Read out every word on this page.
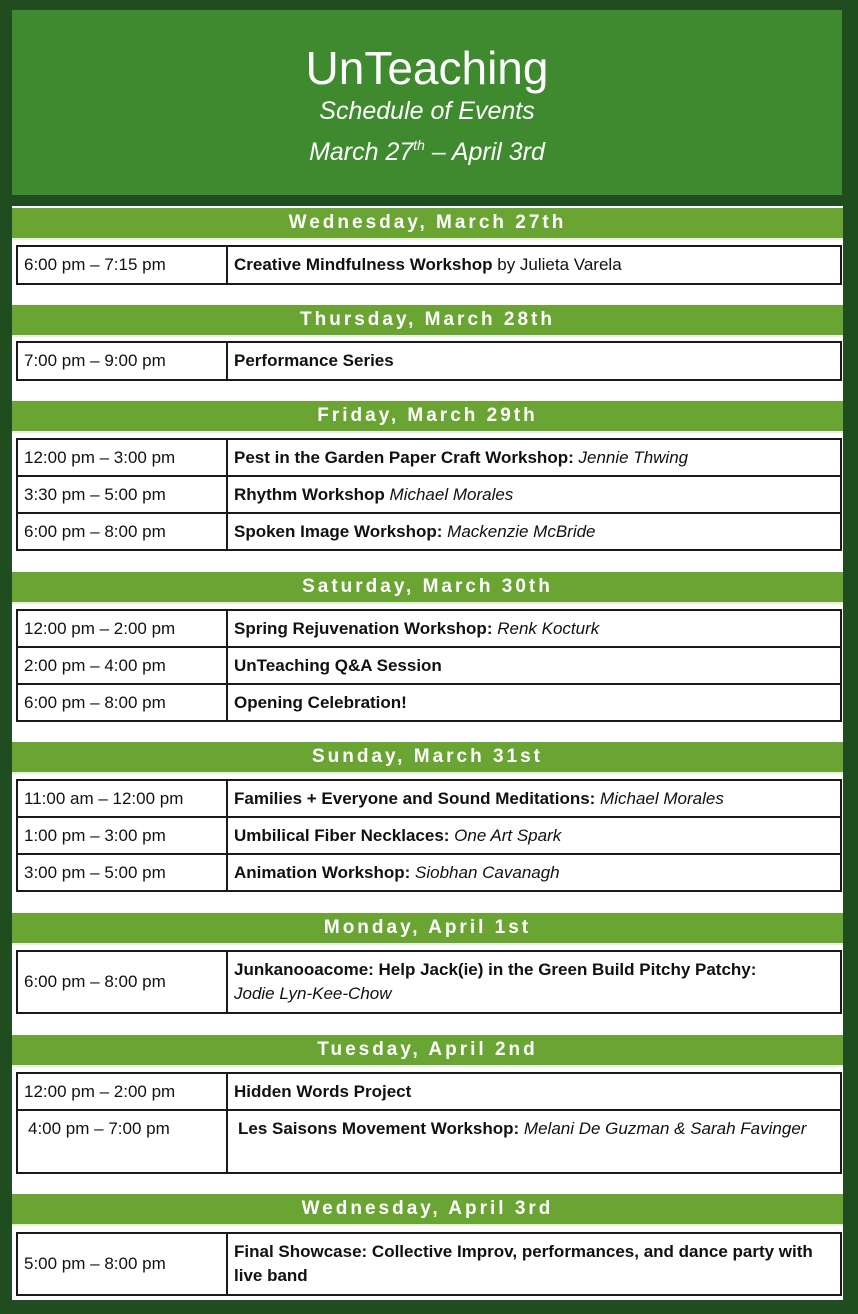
UnTeaching
Schedule of Events
March 27th – April 3rd
Wednesday, March 27th
6:00 pm – 7:15 pm	Creative Mindfulness Workshop by Julieta Varela
Thursday, March 28th
7:00 pm – 9:00 pm	Performance Series
Friday, March 29th
12:00 pm – 3:00 pm	Pest in the Garden Paper Craft Workshop: Jennie Thwing
3:30 pm – 5:00 pm	Rhythm Workshop Michael Morales
6:00 pm – 8:00 pm	Spoken Image Workshop: Mackenzie McBride
Saturday, March 30th
12:00 pm – 2:00 pm	Spring Rejuvenation Workshop: Renk Kocturk
2:00 pm – 4:00 pm	UnTeaching Q&A Session
6:00 pm – 8:00 pm	Opening Celebration!
Sunday, March 31st
11:00 am – 12:00 pm	Families + Everyone and Sound Meditations: Michael Morales
1:00 pm – 3:00 pm	Umbilical Fiber Necklaces: One Art Spark
3:00 pm – 5:00 pm	Animation Workshop: Siobhan Cavanagh
Monday, April 1st
6:00 pm – 8:00 pm	Junkanooacome: Help Jack(ie) in the Green Build Pitchy Patchy:
Jodie Lyn-Kee-Chow
Tuesday, April 2nd
12:00 pm – 2:00 pm	Hidden Words Project
4:00 pm – 7:00 pm	Les Saisons Movement Workshop: Melani De Guzman & Sarah Favinger
Wednesday, April 3rd
5:00 pm – 8:00 pm	Final Showcase: Collective Improv, performances, and dance party with live band
